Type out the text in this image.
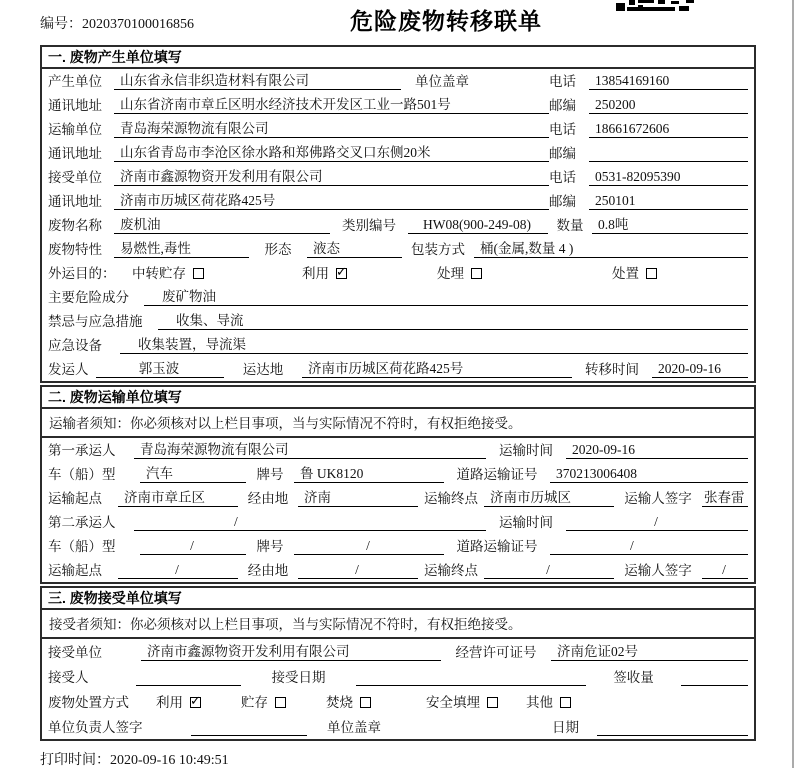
编号：2020370100016856	危险废物转移联单
一. 废物产生单位填写
产生单位	山东省永信非织造材料有限公司	单位盖章	电话	13854169160
通讯地址	山东省济南市章丘区明水经济技术开发区工业一路501号	邮编	250200
运输单位	青岛海荣源物流有限公司	电话	18661672606
通讯地址	山东省青岛市李沧区徐水路和郑佛路交叉口东侧20米	邮编
接受单位	济南市鑫源物资开发利用有限公司	电话	0531-82095390
通讯地址	济南市历城区荷花路425号	邮编	250101
废物名称	废机油	类别编号	HW08(900-249-08)	数量	0.8吨
废物特性	易燃性,毒性	形态	液态	包装方式	桶(金属,数量 4 )
外运目的：	中转贮存	利用 ✓	处理	处置
主要危险成分	废矿物油
禁忌与应急措施	收集、导流
应急设备	收集装置，导流渠
发运人	郭玉波	运达地	济南市历城区荷花路425号	转移时间	2020-09-16
二. 废物运输单位填写
运输者须知：你必须核对以上栏目事项，当与实际情况不符时，有权拒绝接受。
第一承运人	青岛海荣源物流有限公司	运输时间	2020-09-16
车（船）型	汽车	牌号	鲁 UK8120	道路运输证号	370213006408
运输起点	济南市章丘区	经由地	济南	运输终点 济南市历城区	运输人签字 张春雷
第二承运人	/	运输时间	/
车（船）型	/	牌号	/	道路运输证号	/
运输起点	/	经由地	/	运输终点	/	运输人签字	/
三. 废物接受单位填写
接受者须知：你必须核对以上栏目事项，当与实际情况不符时，有权拒绝接受。
接受单位	济南市鑫源物资开发利用有限公司	经营许可证号	济南危证02号
接受人	接受日期	签收量
废物处置方式	利用 ✓	贮存	焚烧	安全填埋	其他
单位负责人签字	单位盖章	日期
打印时间：2020-09-16 10:49:51
